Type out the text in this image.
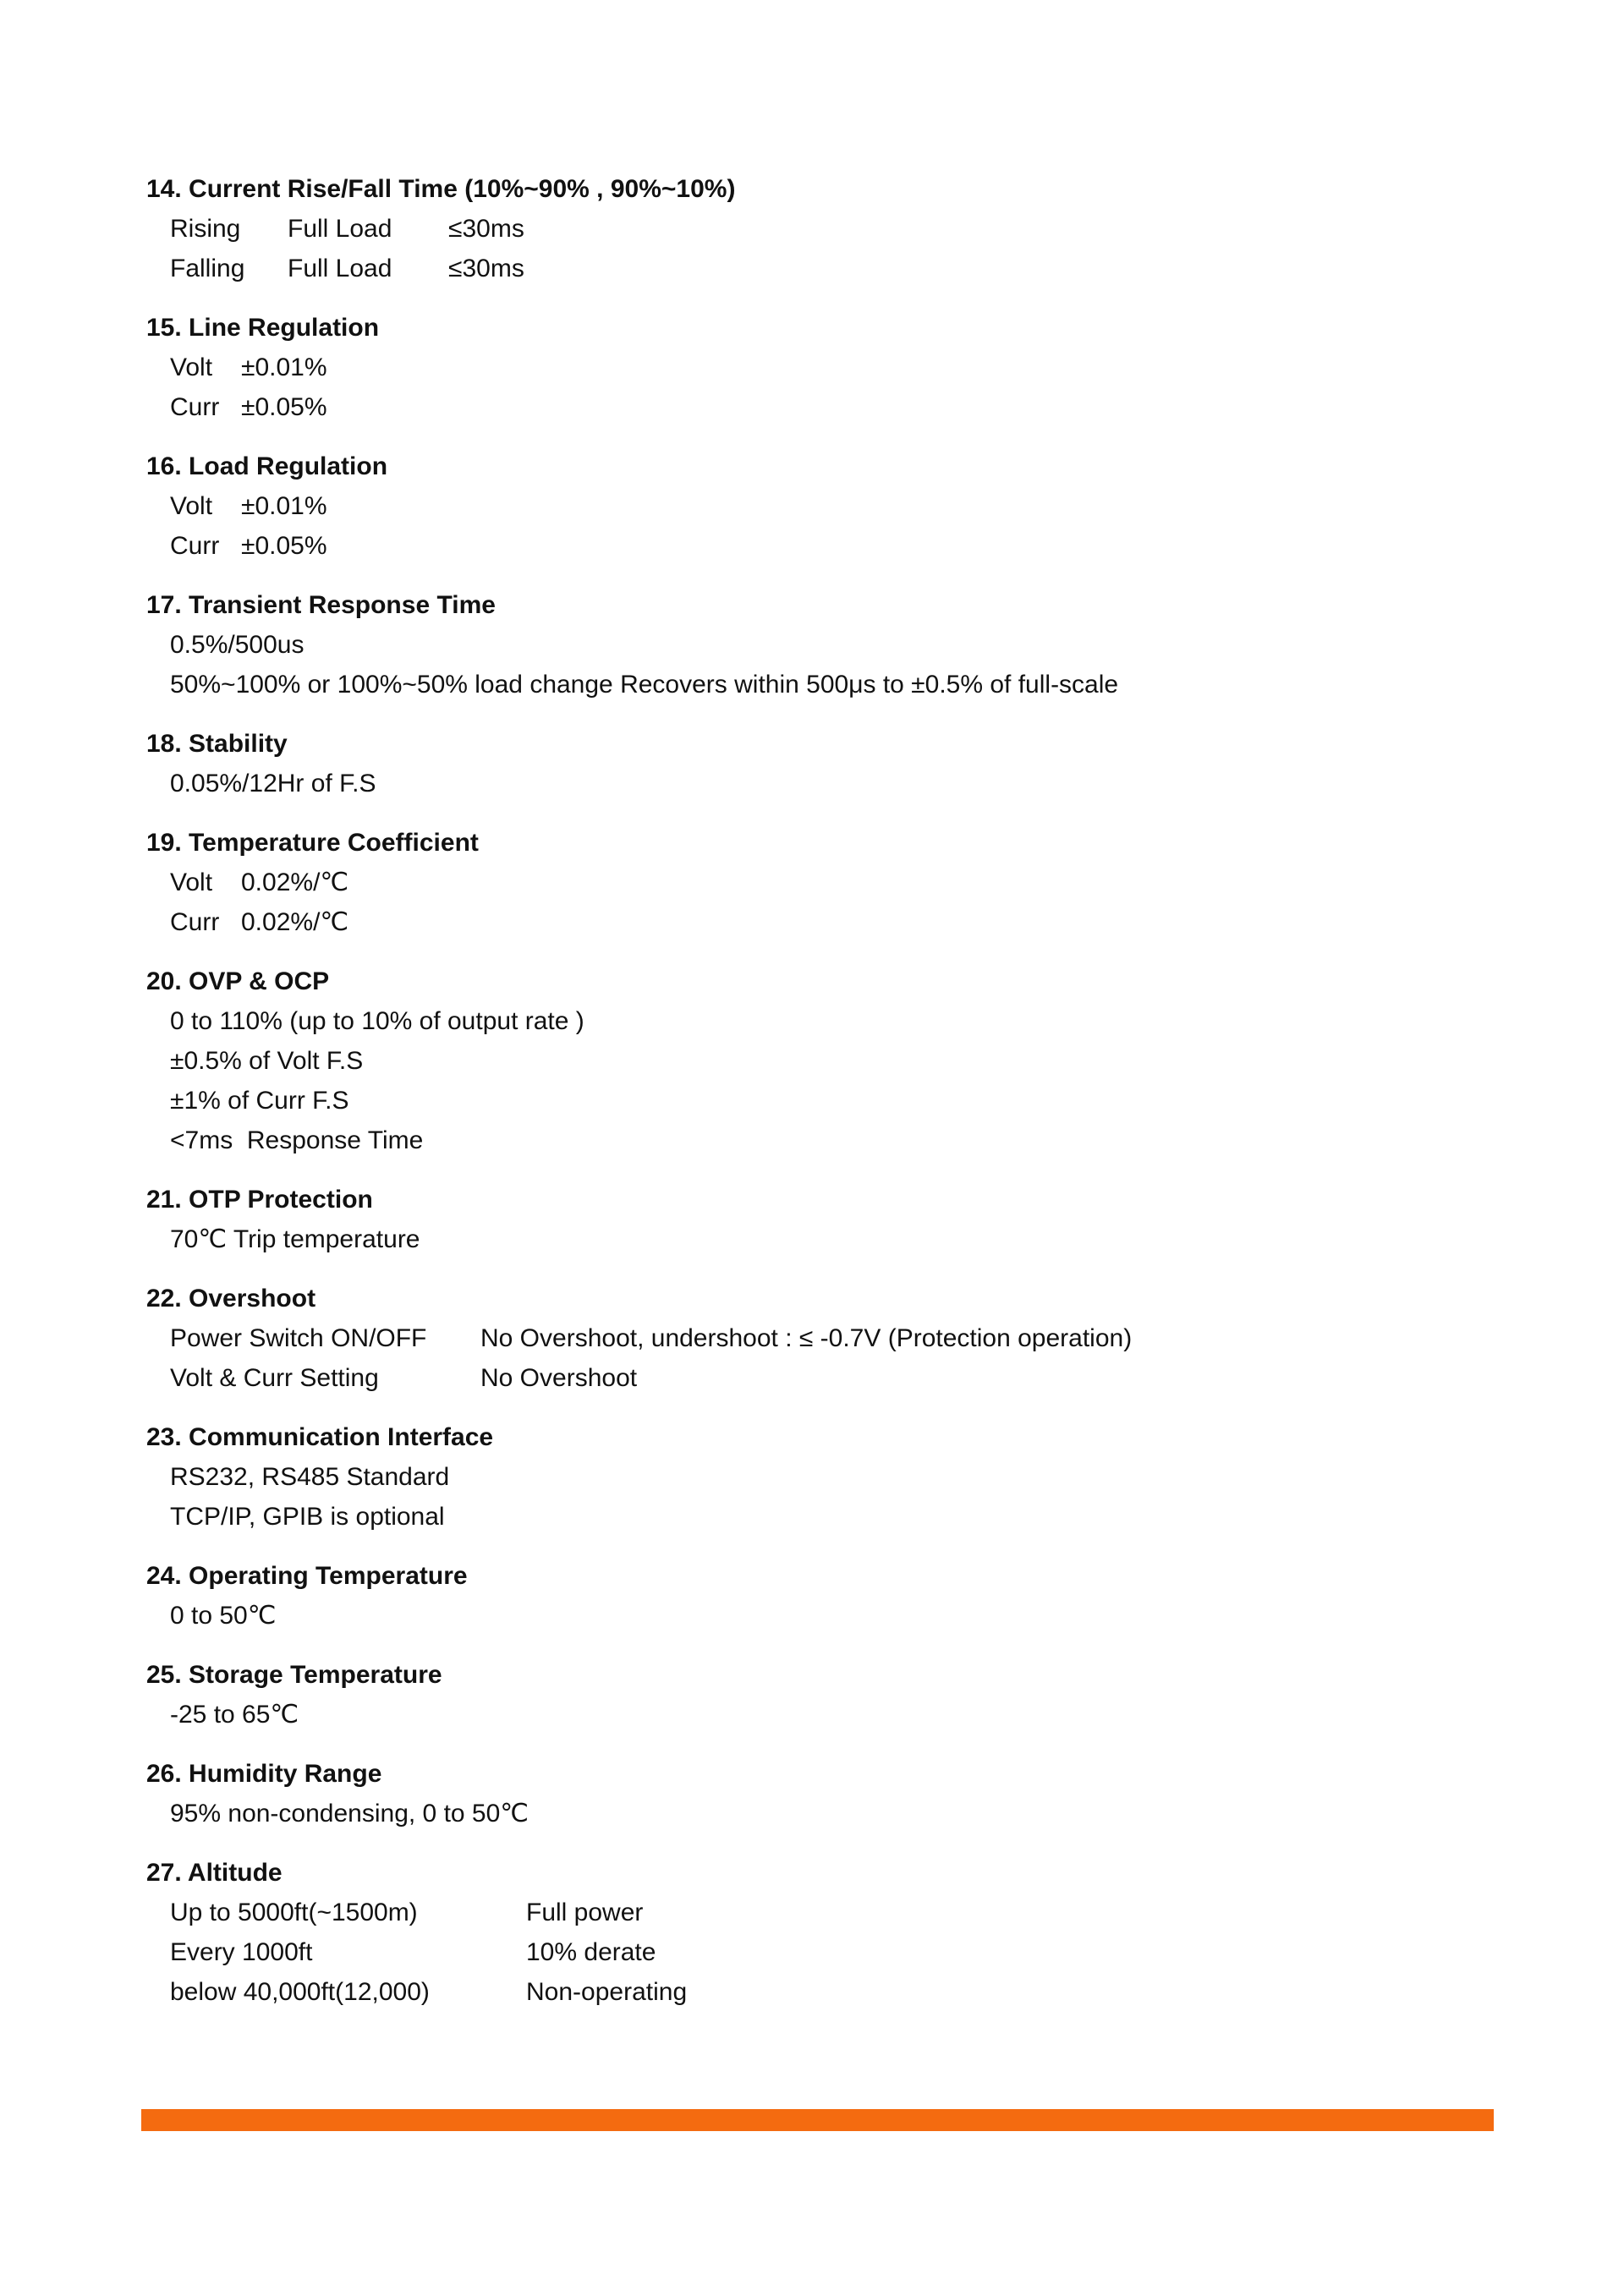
14. Current Rise/Fall Time (10%~90% , 90%~10%)
Rising	Full Load	≤30ms
Falling	Full Load	≤30ms
15. Line Regulation
Volt	±0.01%
Curr ±0.05%
16. Load Regulation
Volt	±0.01%
Curr ±0.05%
17. Transient Response Time
0.5%/500us
50%~100% or 100%~50% load change Recovers within 500μs to ±0.5% of full-scale
18. Stability
0.05%/12Hr of F.S
19. Temperature Coefficient
Volt	0.02%/℃
Curr 0.02%/℃
20. OVP & OCP
0 to 110% (up to 10% of output rate )
±0.5% of Volt F.S
±1% of Curr F.S
<7ms  Response Time
21. OTP Protection
70℃ Trip temperature
22. Overshoot
Power Switch ON/OFF	No Overshoot, undershoot : ≤ -0.7V (Protection operation)
Volt & Curr Setting	No Overshoot
23. Communication Interface
RS232, RS485 Standard
TCP/IP, GPIB is optional
24. Operating Temperature
0 to 50℃
25. Storage Temperature
-25 to 65℃
26. Humidity Range
95% non-condensing, 0 to 50℃
27. Altitude
Up to 5000ft(~1500m)	Full power
Every 1000ft	10% derate
below 40,000ft(12,000)	Non-operating
